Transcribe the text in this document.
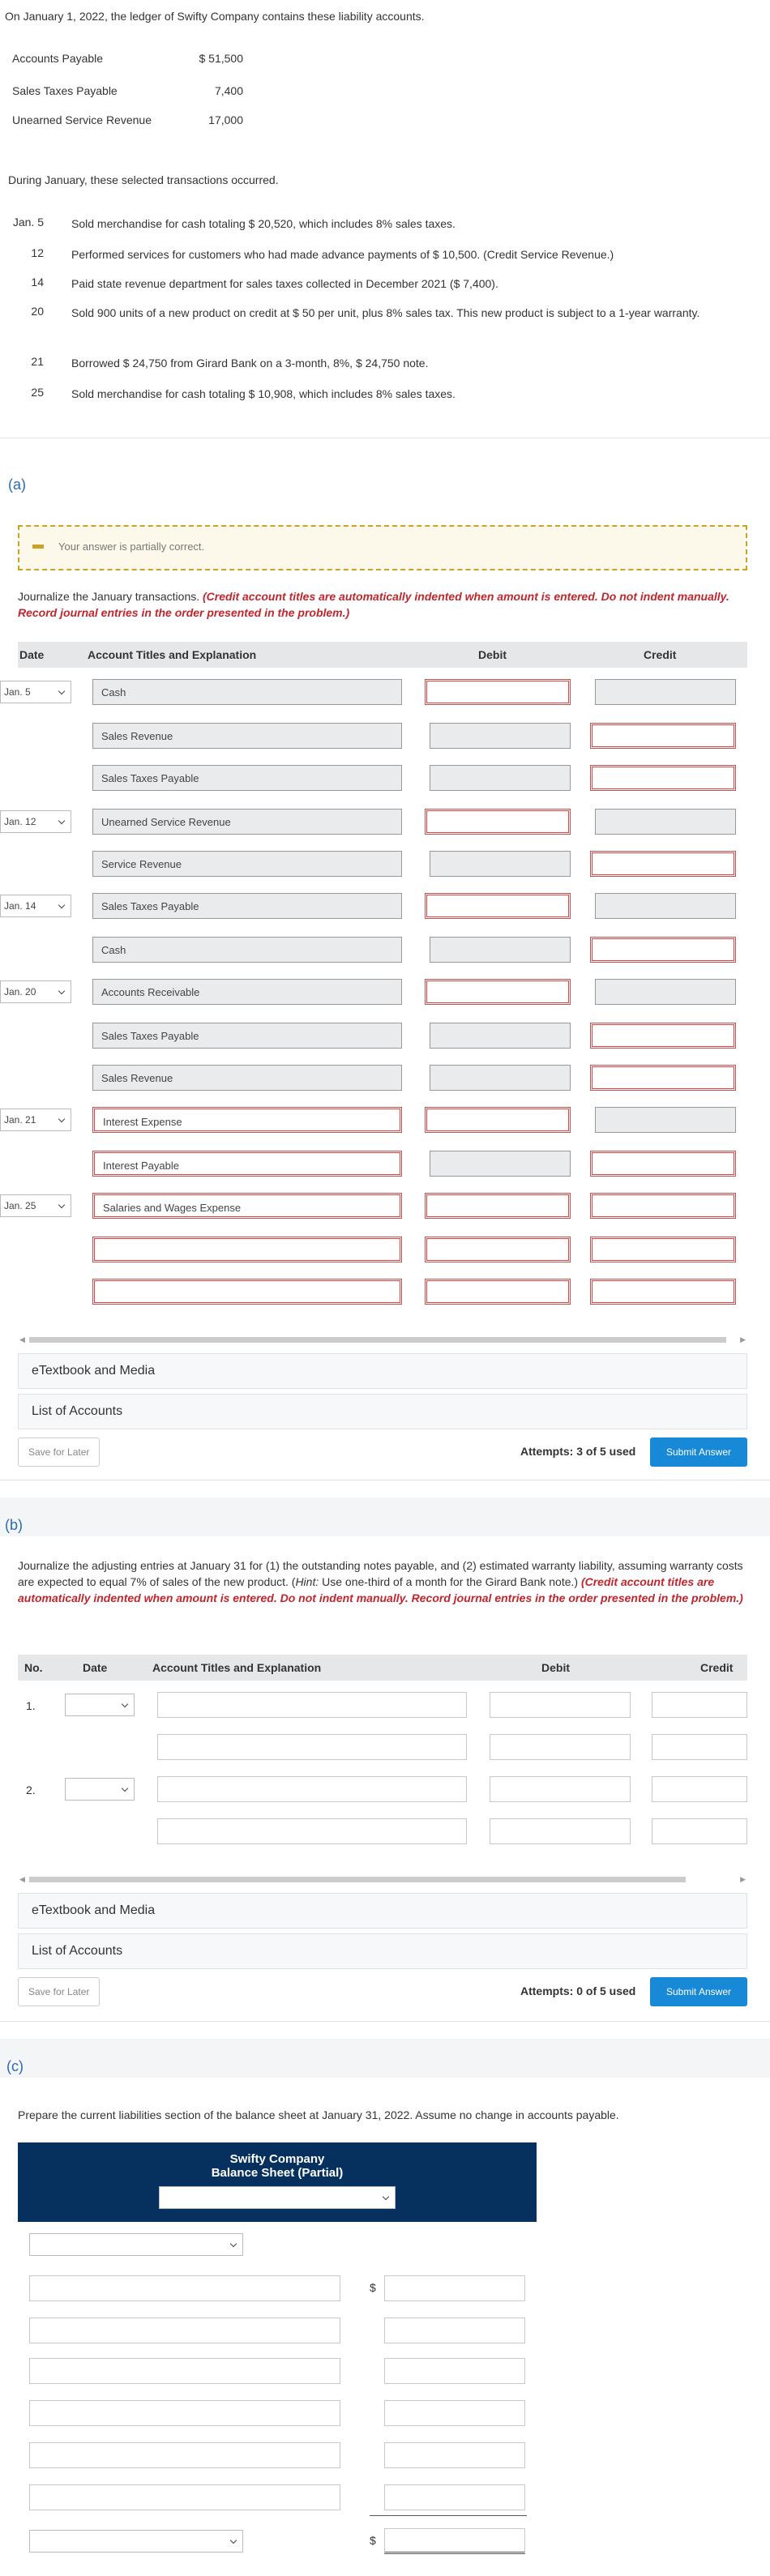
On January 1, 2022, the ledger of Swifty Company contains these liability accounts.
Accounts Payable	$ 51,500
Sales Taxes Payable	7,400
Unearned Service Revenue	17,000
During January, these selected transactions occurred.
Jan. 5 Sold merchandise for cash totaling $ 20,520, which includes 8% sales taxes.
12 Performed services for customers who had made advance payments of $ 10,500. (Credit Service Revenue.)
14 Paid state revenue department for sales taxes collected in December 2021 ($ 7,400).
20 Sold 900 units of a new product on credit at $ 50 per unit, plus 8% sales tax. This new product is subject to a 1-year warranty.
21 Borrowed $ 24,750 from Girard Bank on a 3-month, 8%, $ 24,750 note.
25 Sold merchandise for cash totaling $ 10,908, which includes 8% sales taxes.
(a)
Your answer is partially correct.
Journalize the January transactions. (Credit account titles are automatically indented when amount is entered. Do not indent manually. Record journal entries in the order presented in the problem.)
Date	Account Titles and Explanation	Debit	Credit
Jan. 5	Cash
Sales Revenue
Sales Taxes Payable
Jan. 12	Unearned Service Revenue
Service Revenue
Jan. 14	Sales Taxes Payable
Cash
Jan. 20	Accounts Receivable
Sales Taxes Payable
Sales Revenue
Jan. 21	Interest Expense
Interest Payable
Jan. 25	Salaries and Wages Expense
◀	▶
eTextbook and Media
List of Accounts
Save for Later	Attempts: 3 of 5 used	Submit Answer
(b)
Journalize the adjusting entries at January 31 for (1) the outstanding notes payable, and (2) estimated warranty liability, assuming warranty costs are expected to equal 7% of sales of the new product. (Hint: Use one-third of a month for the Girard Bank note.) (Credit account titles are automatically indented when amount is entered. Do not indent manually. Record journal entries in the order presented in the problem.)
No.	Date	Account Titles and Explanation	Debit	Credit
1.
2.
◀	▶
eTextbook and Media
List of Accounts
Save for Later	Attempts: 0 of 5 used	Submit Answer
(c)
Prepare the current liabilities section of the balance sheet at January 31, 2022. Assume no change in accounts payable.
Swifty Company
Balance Sheet (Partial)
$
$
